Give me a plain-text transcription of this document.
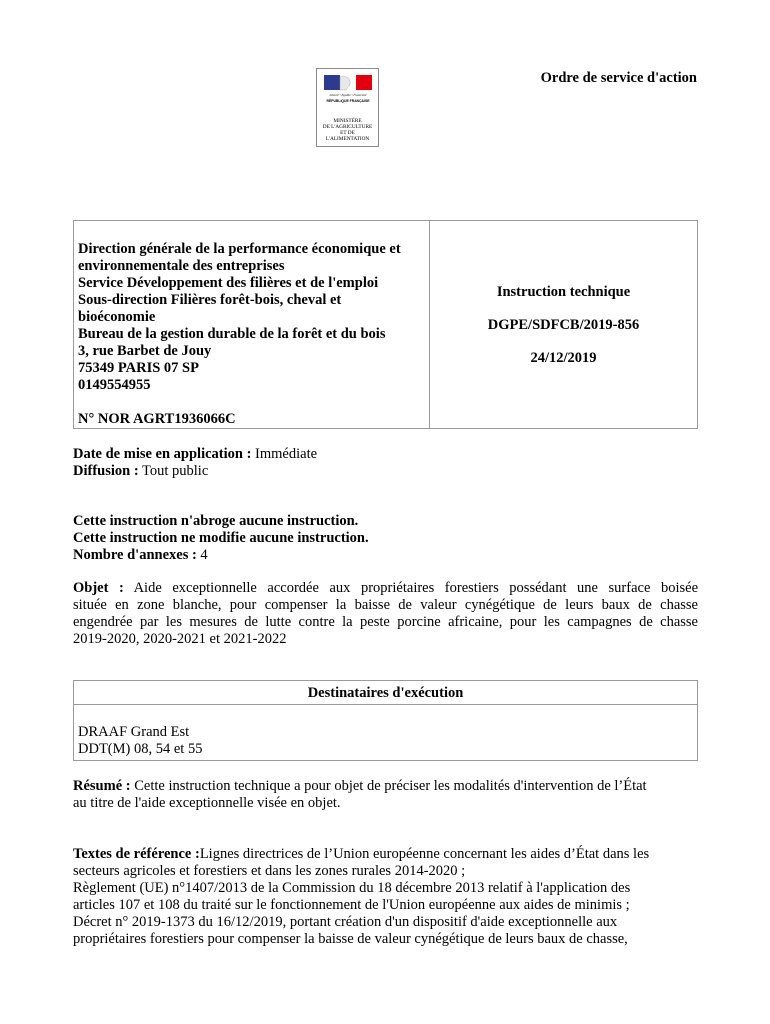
Liberté • Égalité • Fraternité
RÉPUBLIQUE FRANÇAISE
MINISTÈRE
DE L'AGRICULTURE
ET DE
L'ALIMENTATION
Ordre de service d'action
Direction générale de la performance économique et
environnementale des entreprises
Service Développement des filières et de l'emploi
Sous-direction Filières forêt-bois, cheval et
bioéconomie
Bureau de la gestion durable de la forêt et du bois
3, rue Barbet de Jouy
75349 PARIS 07 SP
0149554955
N° NOR AGRT1936066C
Instruction technique
DGPE/SDFCB/2019-856
24/12/2019
Date de mise en application : Immédiate
Diffusion : Tout public
Cette instruction n'abroge aucune instruction.
Cette instruction ne modifie aucune instruction.
Nombre d'annexes : 4
Objet : Aide exceptionnelle accordée aux propriétaires forestiers possédant une surface boisée
située en zone blanche, pour compenser la baisse de valeur cynégétique de leurs baux de chasse
engendrée par les mesures de lutte contre la peste porcine africaine, pour les campagnes de chasse
2019-2020, 2020-2021 et 2021-2022
Destinataires d'exécution
DRAAF Grand Est
DDT(M) 08, 54 et 55
Résumé : Cette instruction technique a pour objet de préciser les modalités d'intervention de l’État
au titre de l'aide exceptionnelle visée en objet.
Textes de référence :Lignes directrices de l’Union européenne concernant les aides d’État dans les
secteurs agricoles et forestiers et dans les zones rurales 2014-2020 ;
Règlement (UE) n°1407/2013 de la Commission du 18 décembre 2013 relatif à l'application des
articles 107 et 108 du traité sur le fonctionnement de l'Union européenne aux aides de minimis ;
Décret n° 2019-1373 du 16/12/2019, portant création d'un dispositif d'aide exceptionnelle aux
propriétaires forestiers pour compenser la baisse de valeur cynégétique de leurs baux de chasse,
